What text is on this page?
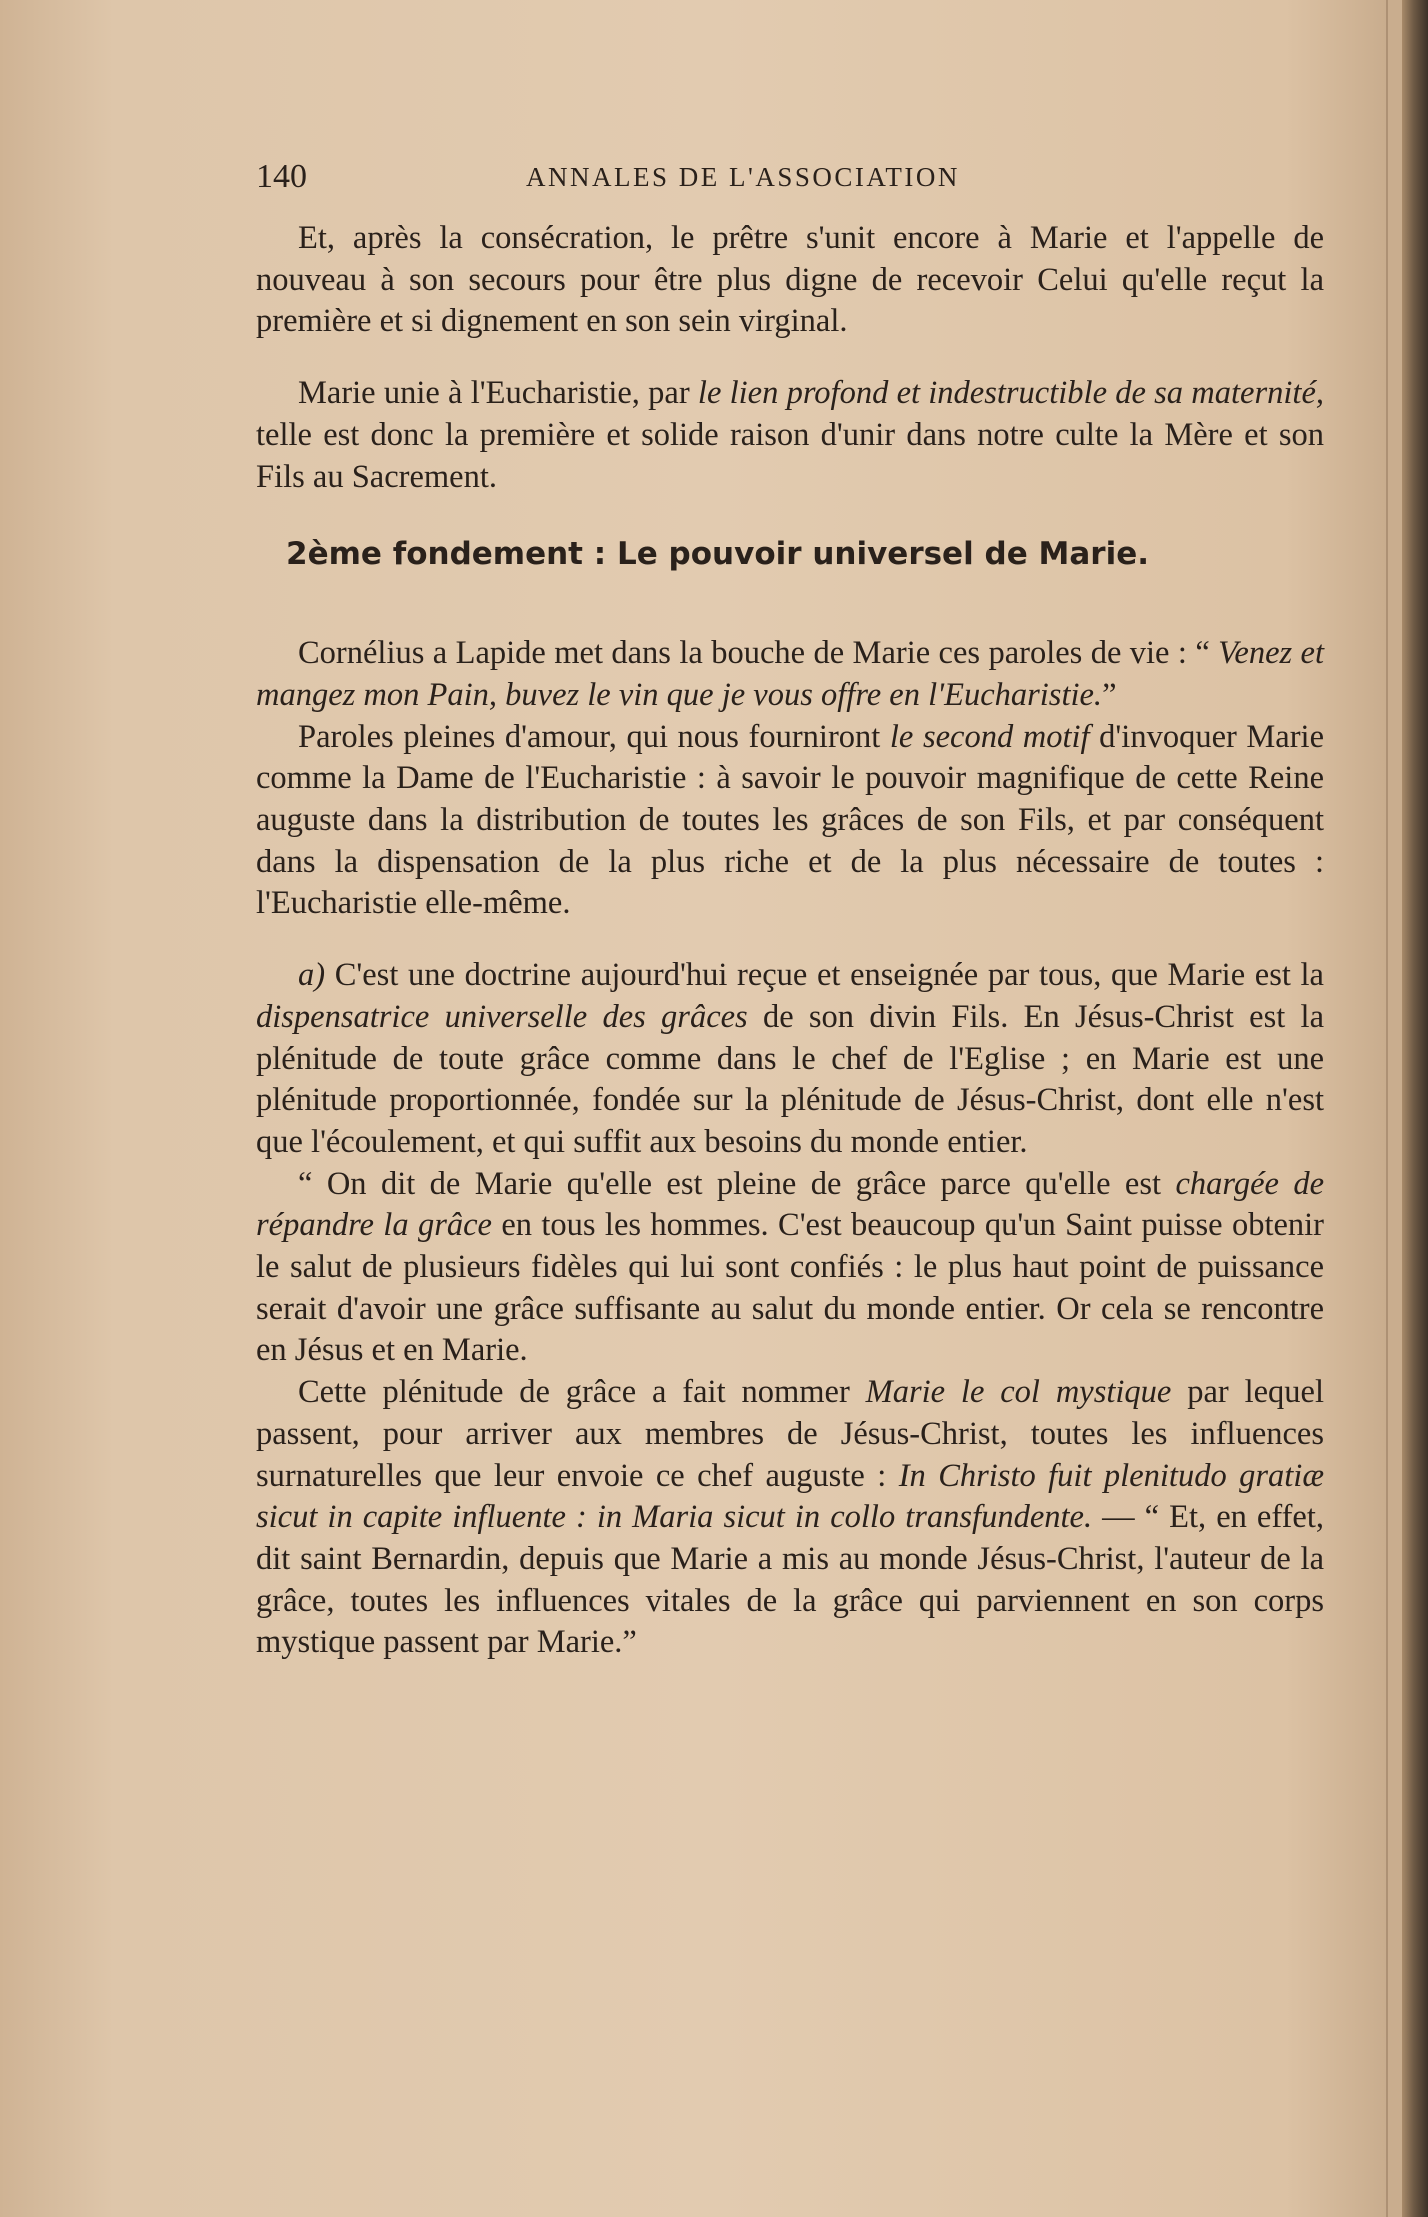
140	ANNALES DE L'ASSOCIATION

Et, après la consécration, le prêtre s'unit encore à Marie et l'appelle de nouveau à son secours pour être plus digne de recevoir Celui qu'elle reçut la première et si dignement en son sein virginal.

Marie unie à l'Eucharistie, par le lien profond et indestructible de sa maternité, telle est donc la première et solide raison d'unir dans notre culte la Mère et son Fils au Sacrement.

2ème fondement : Le pouvoir universel de Marie.

Cornélius a Lapide met dans la bouche de Marie ces paroles de vie : “ Venez et mangez mon Pain, buvez le vin que je vous offre en l'Eucharistie.”

Paroles pleines d'amour, qui nous fourniront le second motif d'invoquer Marie comme la Dame de l'Eucharistie : à savoir le pouvoir magnifique de cette Reine auguste dans la distribution de toutes les grâces de son Fils, et par conséquent dans la dispensation de la plus riche et de la plus nécessaire de toutes : l'Eucharistie elle-même.

a) C'est une doctrine aujourd'hui reçue et enseignée par tous, que Marie est la dispensatrice universelle des grâces de son divin Fils. En Jésus-Christ est la plénitude de toute grâce comme dans le chef de l'Eglise ; en Marie est une plénitude proportionnée, fondée sur la plénitude de Jésus-Christ, dont elle n'est que l'écoulement, et qui suffit aux besoins du monde entier.

“ On dit de Marie qu'elle est pleine de grâce parce qu'elle est chargée de répandre la grâce en tous les hommes. C'est beaucoup qu'un Saint puisse obtenir le salut de plusieurs fidèles qui lui sont confiés : le plus haut point de puissance serait d'avoir une grâce suffisante au salut du monde entier. Or cela se rencontre en Jésus et en Marie.

Cette plénitude de grâce a fait nommer Marie le col mystique par lequel passent, pour arriver aux membres de Jésus-Christ, toutes les influences surnaturelles que leur envoie ce chef auguste : In Christo fuit plenitudo gratiæ sicut in capite influente : in Maria sicut in collo transfundente. — “ Et, en effet, dit saint Bernardin, depuis que Marie a mis au monde Jésus-Christ, l'auteur de la grâce, toutes les influences vitales de la grâce qui parviennent en son corps mystique passent par Marie.”
